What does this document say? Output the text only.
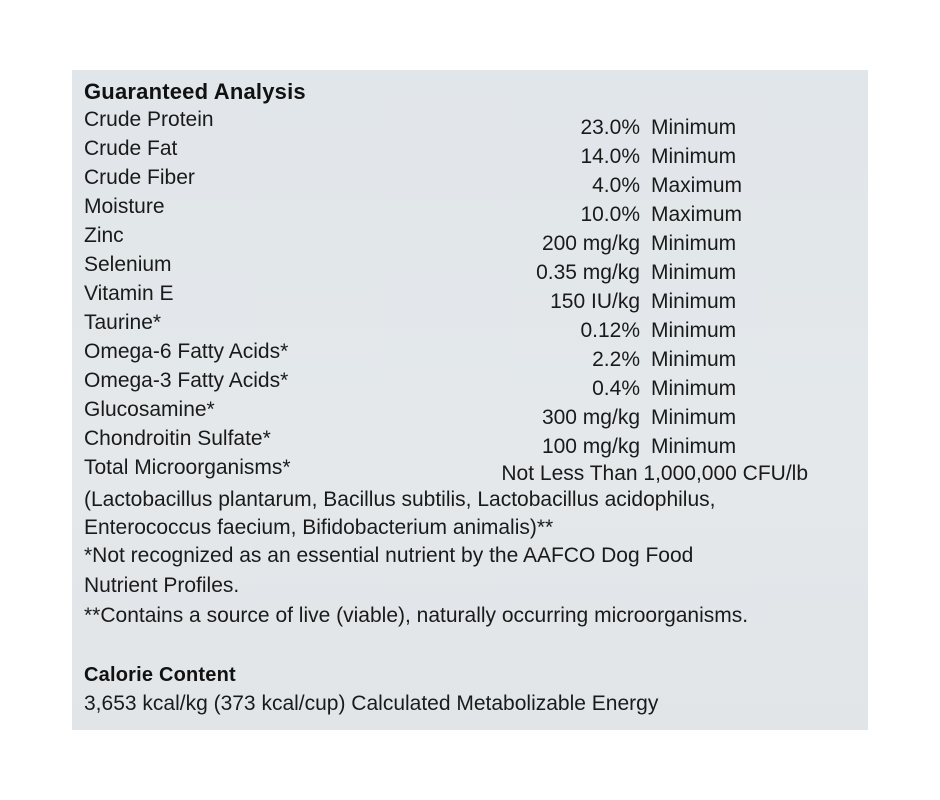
Guaranteed Analysis
Crude Protein	23.0% Minimum
Crude Fat	14.0% Minimum
Crude Fiber	4.0% Maximum
Moisture	10.0% Maximum
Zinc	200 mg/kg Minimum
Selenium	0.35 mg/kg Minimum
Vitamin E	150 IU/kg Minimum
Taurine*	0.12% Minimum
Omega-6 Fatty Acids*	2.2% Minimum
Omega-3 Fatty Acids*	0.4% Minimum
Glucosamine*	300 mg/kg Minimum
Chondroitin Sulfate*	100 mg/kg Minimum
Total Microorganisms*	Not Less Than 1,000,000 CFU/lb
(Lactobacillus plantarum, Bacillus subtilis, Lactobacillus acidophilus,
Enterococcus faecium, Bifidobacterium animalis)**
*Not recognized as an essential nutrient by the AAFCO Dog Food
Nutrient Profiles.
**Contains a source of live (viable), naturally occurring microorganisms.
Calorie Content
3,653 kcal/kg (373 kcal/cup) Calculated Metabolizable Energy
